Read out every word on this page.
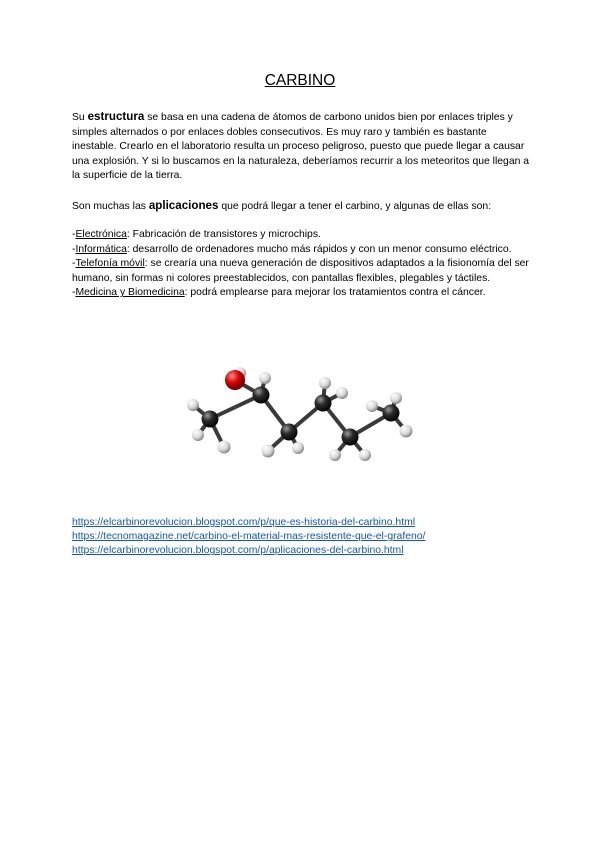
CARBINO
Su estructura se basa en una cadena de átomos de carbono unidos bien por enlaces triples y simples alternados o por enlaces dobles consecutivos. Es muy raro y también es bastante inestable. Crearlo en el laboratorio resulta un proceso peligroso, puesto que puede llegar a causar una explosión. Y si lo buscamos en la naturaleza, deberíamos recurrir a los meteoritos que llegan a la superficie de la tierra.
Son muchas las aplicaciones que podrá llegar a tener el carbino, y algunas de ellas son:
-Electrónica: Fabricación de transistores y microchips.
-Informática: desarrollo de ordenadores mucho más rápidos y con un menor consumo eléctrico.
-Telefonía móvil: se crearía una nueva generación de dispositivos adaptados a la fisionomía del ser humano, sin formas ni colores preestablecidos, con pantallas flexibles, plegables y táctiles.
-Medicina y Biomedicina: podrá emplearse para mejorar los tratamientos contra el cáncer.
https://elcarbinorevolucion.blogspot.com/p/que-es-historia-del-carbino.html
https://tecnomagazine.net/carbino-el-material-mas-resistente-que-el-grafeno/
https://elcarbinorevolucion.blogspot.com/p/aplicaciones-del-carbino.html
